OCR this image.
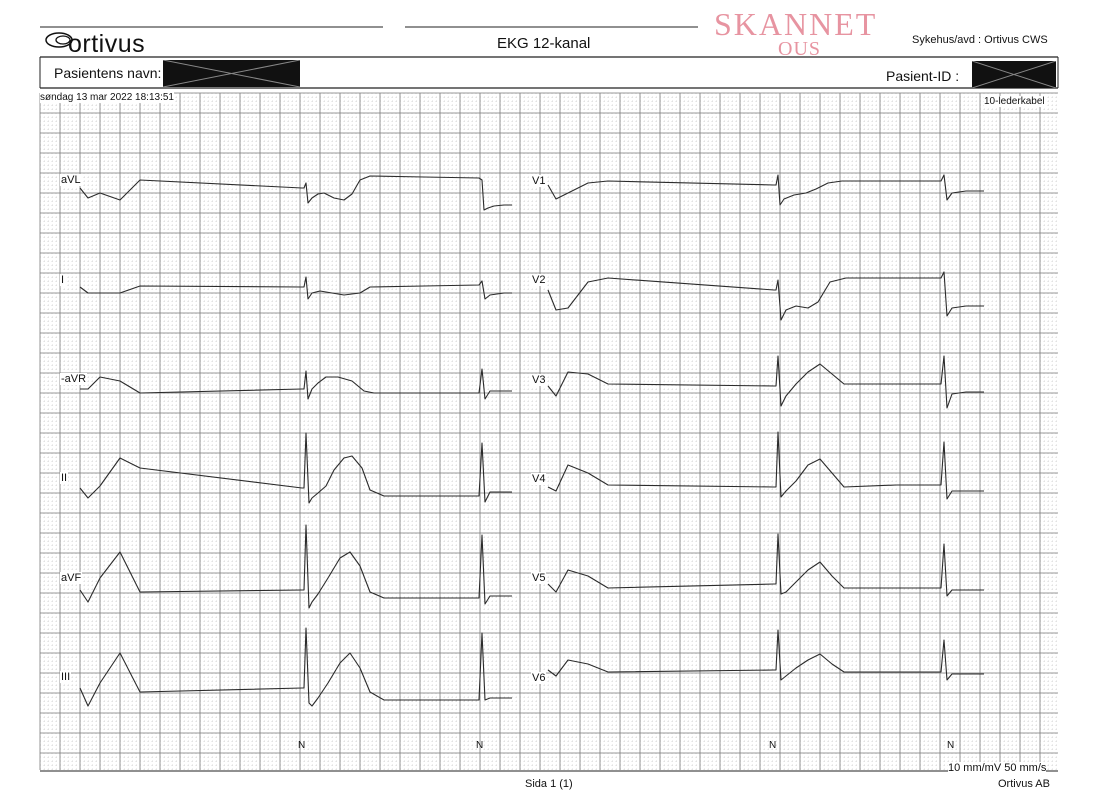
ortivus	EKG 12-kanal
SKANNET
OUS	Sykehus/avd : Ortivus CWS
Pasientens navn:	Pasient-ID :
søndag 13 mar 2022 18:13:51	10-lederkabel
aVL
I
-aVR
II
aVF
III
V1
V2
V3
V4
V5
V6
N	N	N	N
10 mm/mV 50 mm/s
Sida 1 (1)	Ortivus AB
